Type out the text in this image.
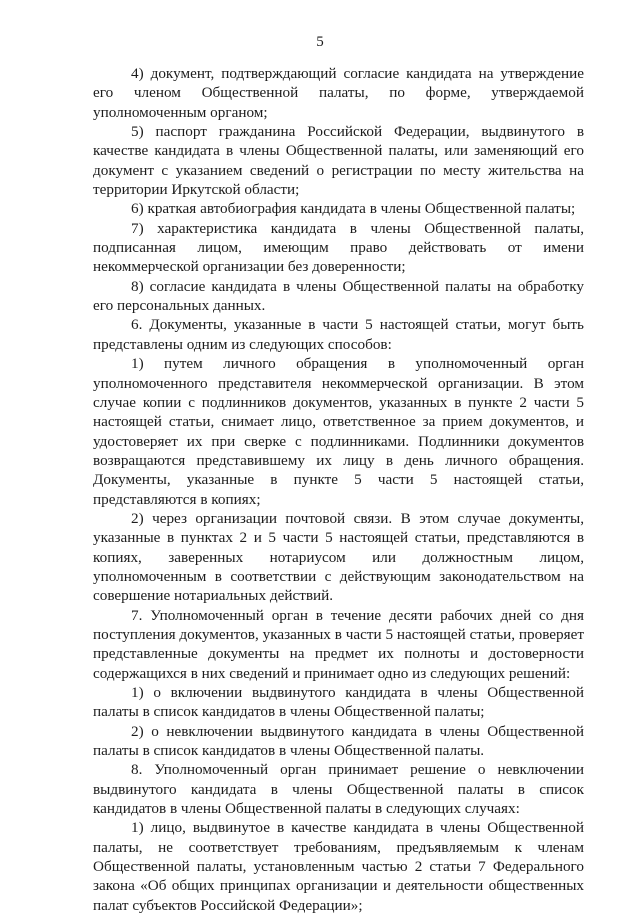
5

4) документ, подтверждающий согласие кандидата на утверждение его членом Общественной палаты, по форме, утверждаемой уполномоченным органом;

5) паспорт гражданина Российской Федерации, выдвинутого в качестве кандидата в члены Общественной палаты, или заменяющий его документ с указанием сведений о регистрации по месту жительства на территории Иркутской области;

6) краткая автобиография кандидата в члены Общественной палаты;

7) характеристика кандидата в члены Общественной палаты, подписанная лицом, имеющим право действовать от имени некоммерческой организации без доверенности;

8) согласие кандидата в члены Общественной палаты на обработку его персональных данных.

6. Документы, указанные в части 5 настоящей статьи, могут быть представлены одним из следующих способов:

1) путем личного обращения в уполномоченный орган уполномоченного представителя некоммерческой организации. В этом случае копии с подлинников документов, указанных в пункте 2 части 5 настоящей статьи, снимает лицо, ответственное за прием документов, и удостоверяет их при сверке с подлинниками. Подлинники документов возвращаются представившему их лицу в день личного обращения. Документы, указанные в пункте 5 части 5 настоящей статьи, представляются в копиях;

2) через организации почтовой связи. В этом случае документы, указанные в пунктах 2 и 5 части 5 настоящей статьи, представляются в копиях, заверенных нотариусом или должностным лицом, уполномоченным в соответствии с действующим законодательством на совершение нотариальных действий.

7. Уполномоченный орган в течение десяти рабочих дней со дня поступления документов, указанных в части 5 настоящей статьи, проверяет представленные документы на предмет их полноты и достоверности содержащихся в них сведений и принимает одно из следующих решений:

1) о включении выдвинутого кандидата в члены Общественной палаты в список кандидатов в члены Общественной палаты;

2) о невключении выдвинутого кандидата в члены Общественной палаты в список кандидатов в члены Общественной палаты.

8. Уполномоченный орган принимает решение о невключении выдвинутого кандидата в члены Общественной палаты в список кандидатов в члены Общественной палаты в следующих случаях:

1) лицо, выдвинутое в качестве кандидата в члены Общественной палаты, не соответствует требованиям, предъявляемым к членам Общественной палаты, установленным частью 2 статьи 7 Федерального закона «Об общих принципах организации и деятельности общественных палат субъектов Российской Федерации»;
